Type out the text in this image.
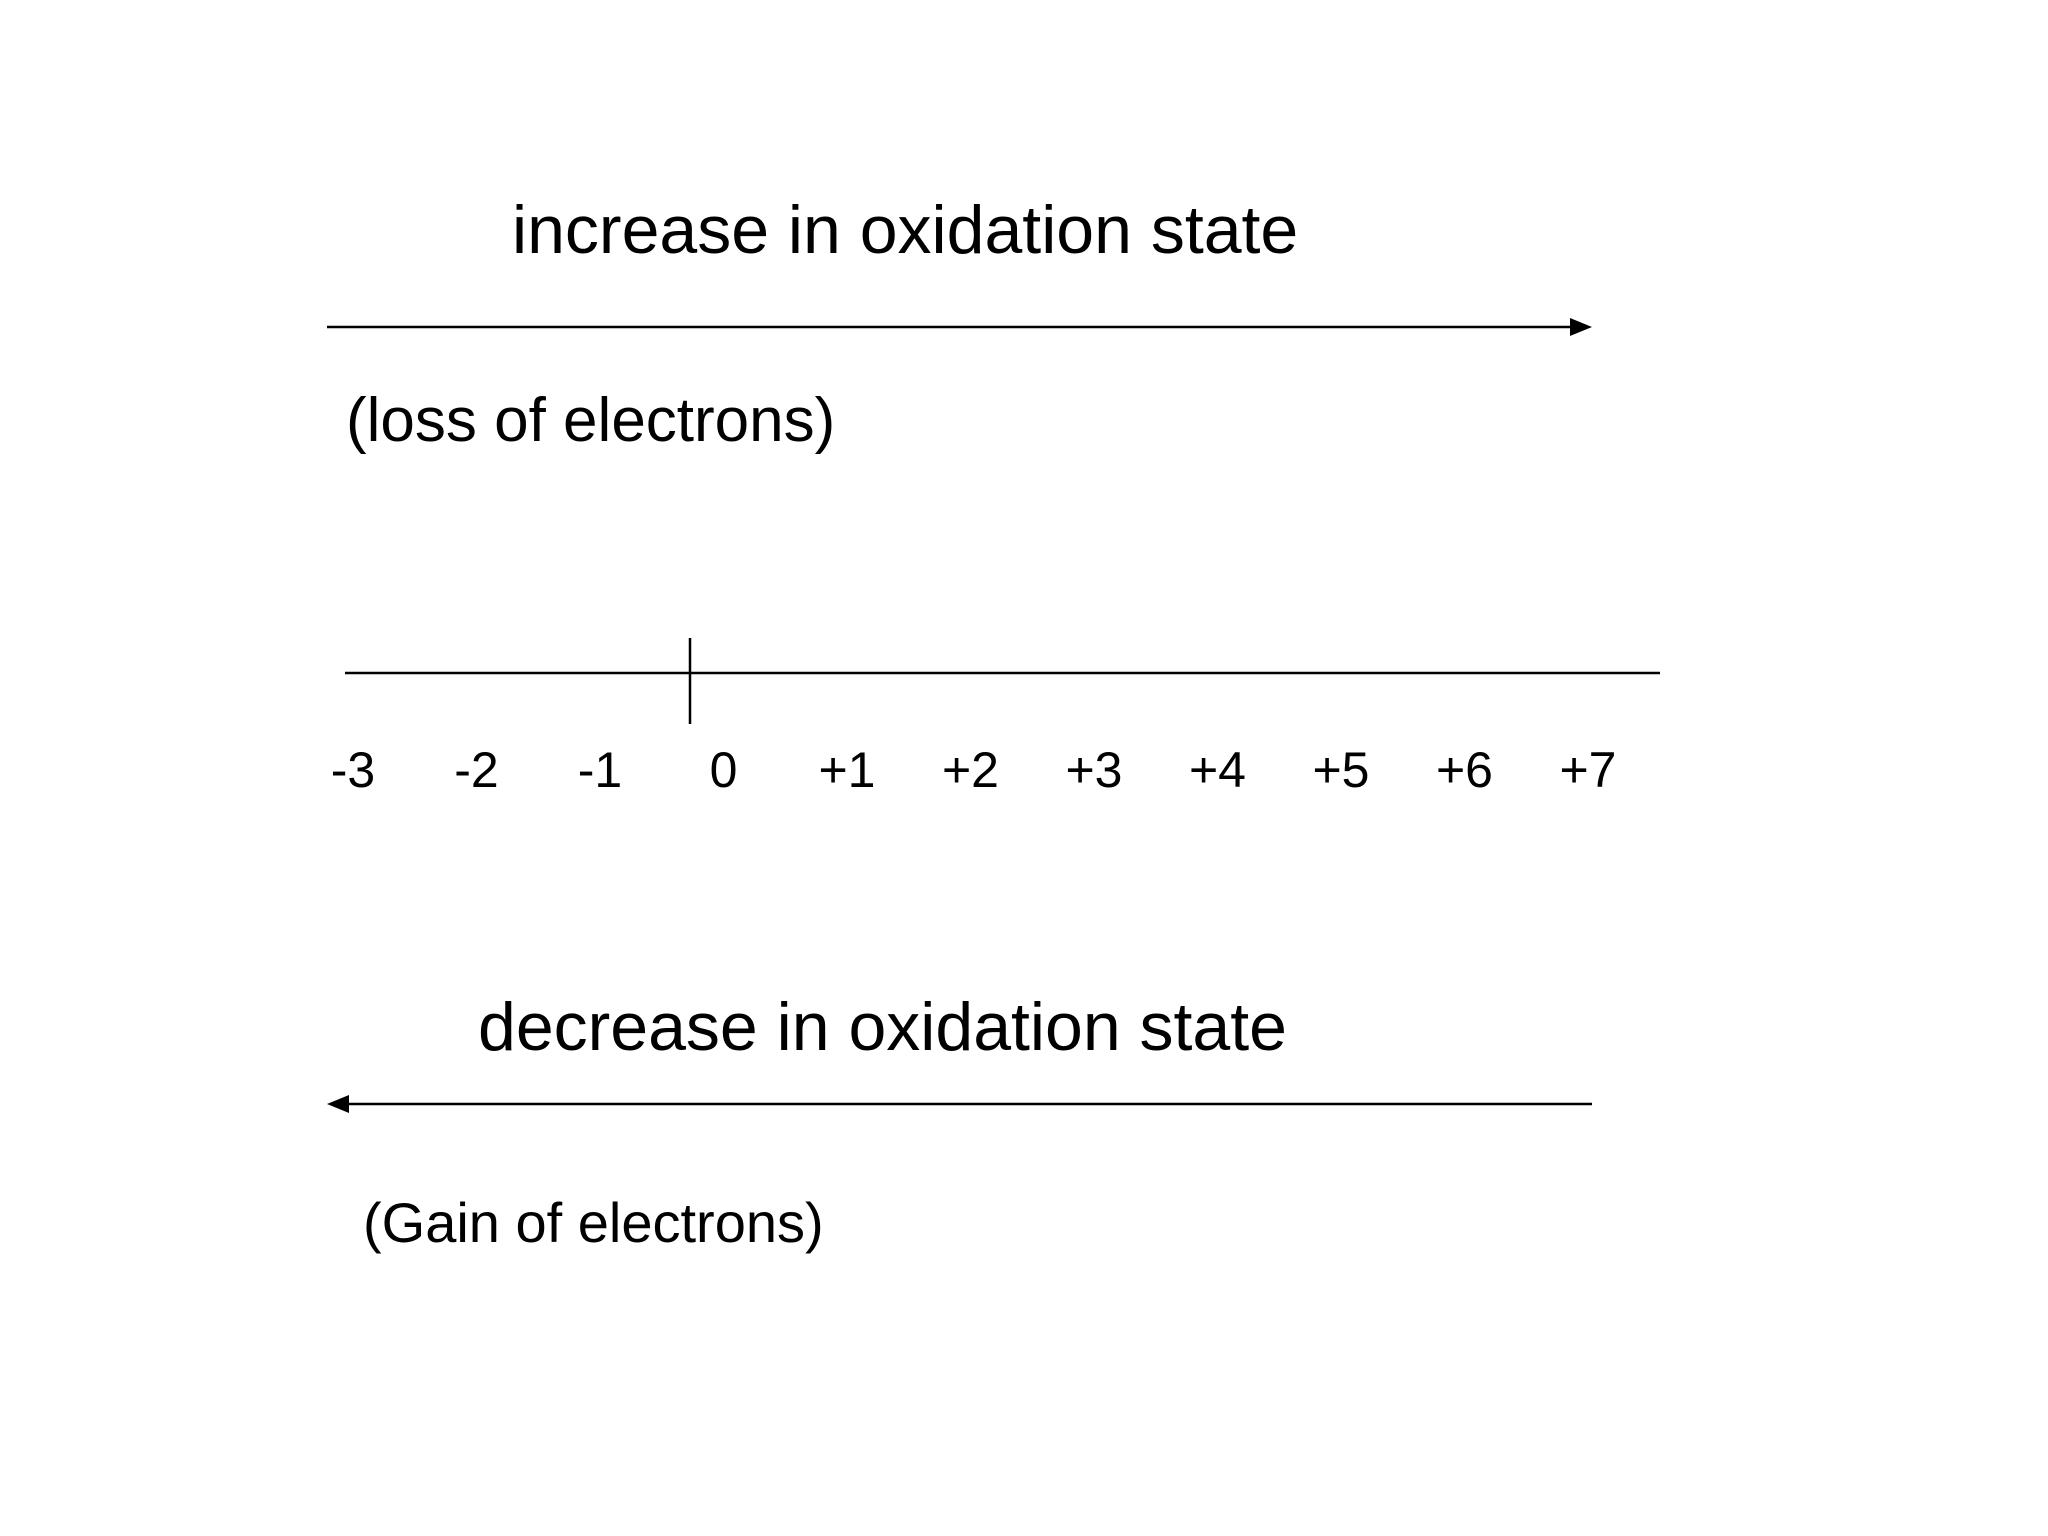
increase in oxidation state
(loss of electrons)
decrease in oxidation state
(Gain of electrons)
-3 -2 -1 0 +1 +2 +3 +4 +5 +6 +7
